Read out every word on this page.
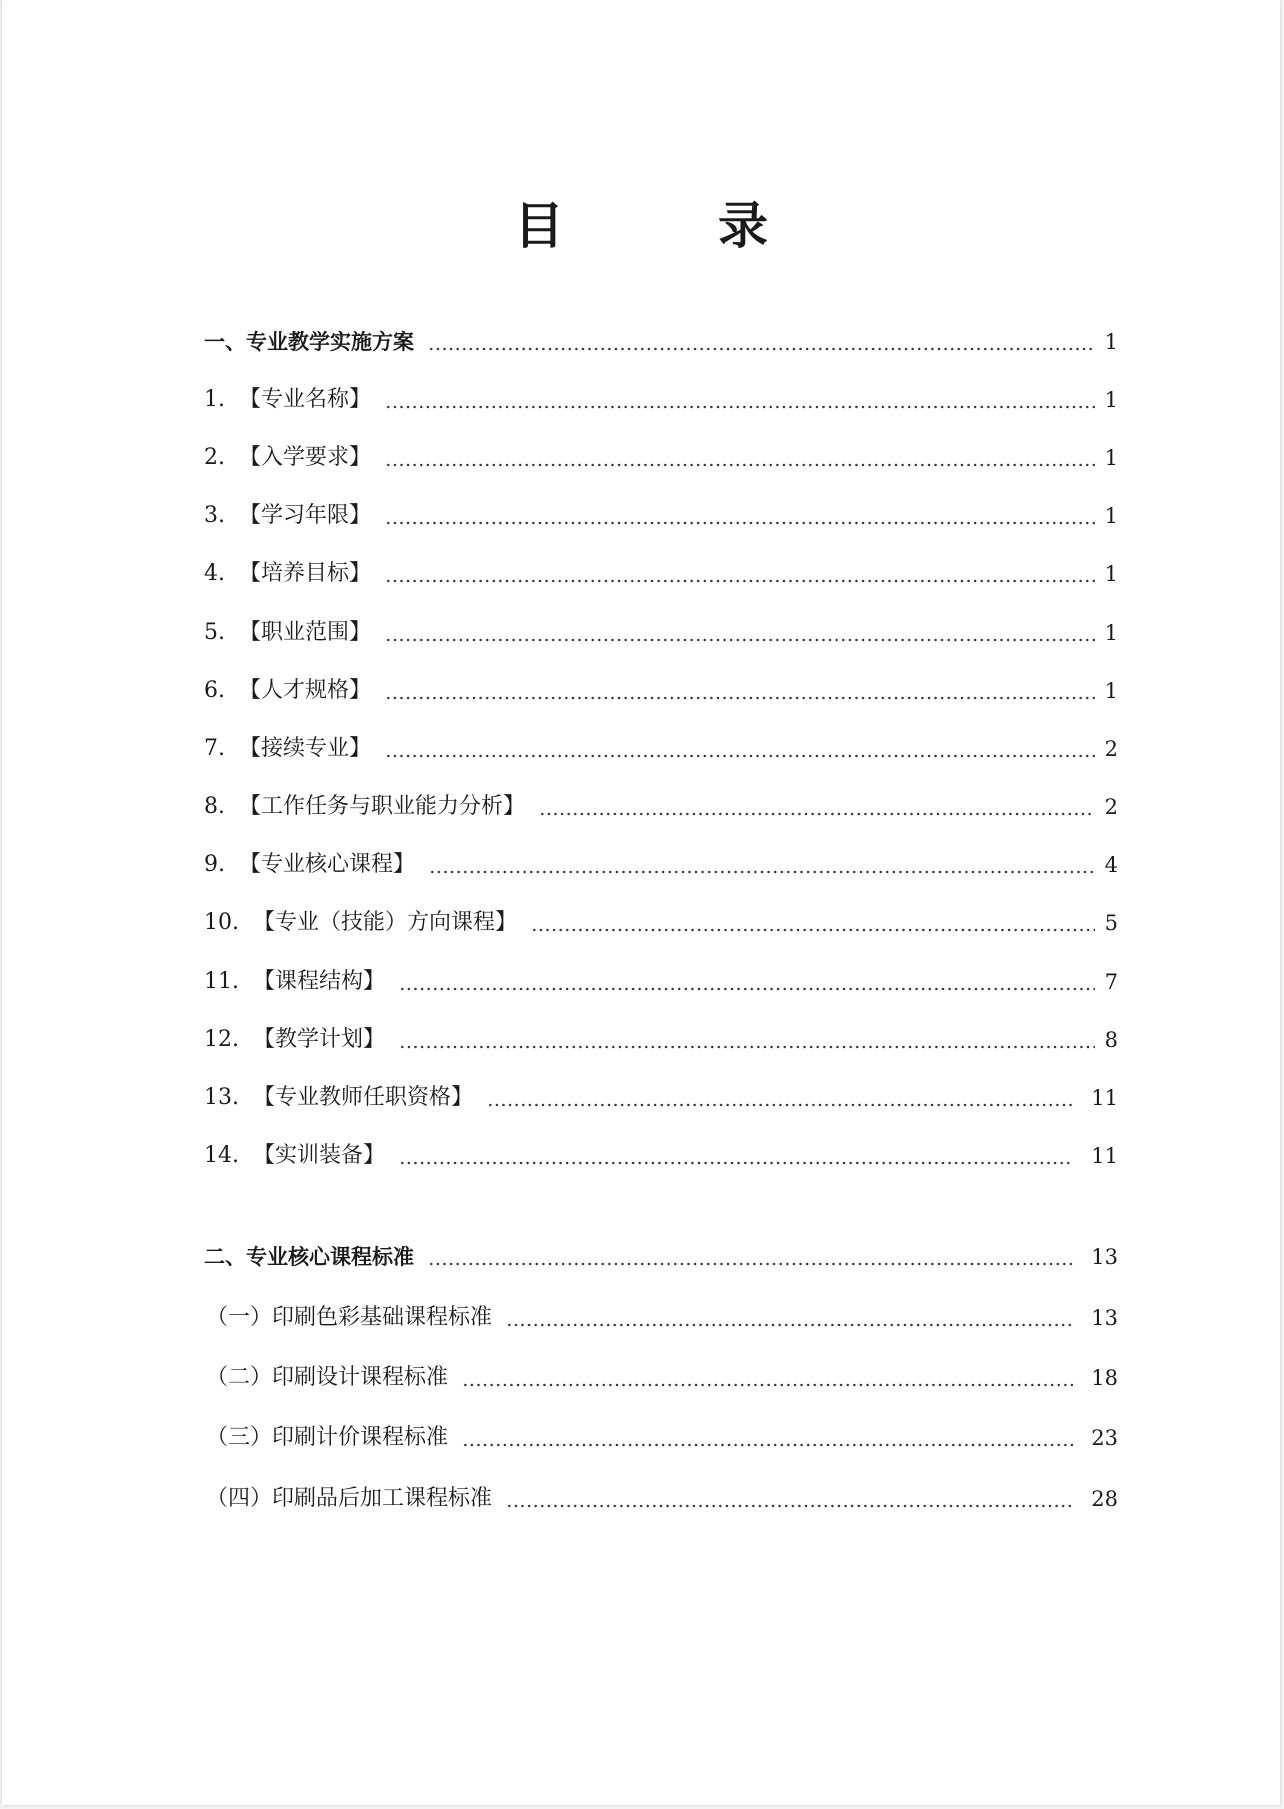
目　录
一、专业教学实施方案	1
1.  【专业名称】	1
2.  【入学要求】	1
3.  【学习年限】	1
4.  【培养目标】	1
5.  【职业范围】	1
6.  【人才规格】	1
7.  【接续专业】	2
8.  【工作任务与职业能力分析】	2
9.  【专业核心课程】	4
10.  【专业（技能）方向课程】	5
11.  【课程结构】	7
12.  【教学计划】	8
13.  【专业教师任职资格】	11
14.  【实训装备】	11
二、专业核心课程标准	13
（一）印刷色彩基础课程标准	13
（二）印刷设计课程标准	18
（三）印刷计价课程标准	23
（四）印刷品后加工课程标准	28
